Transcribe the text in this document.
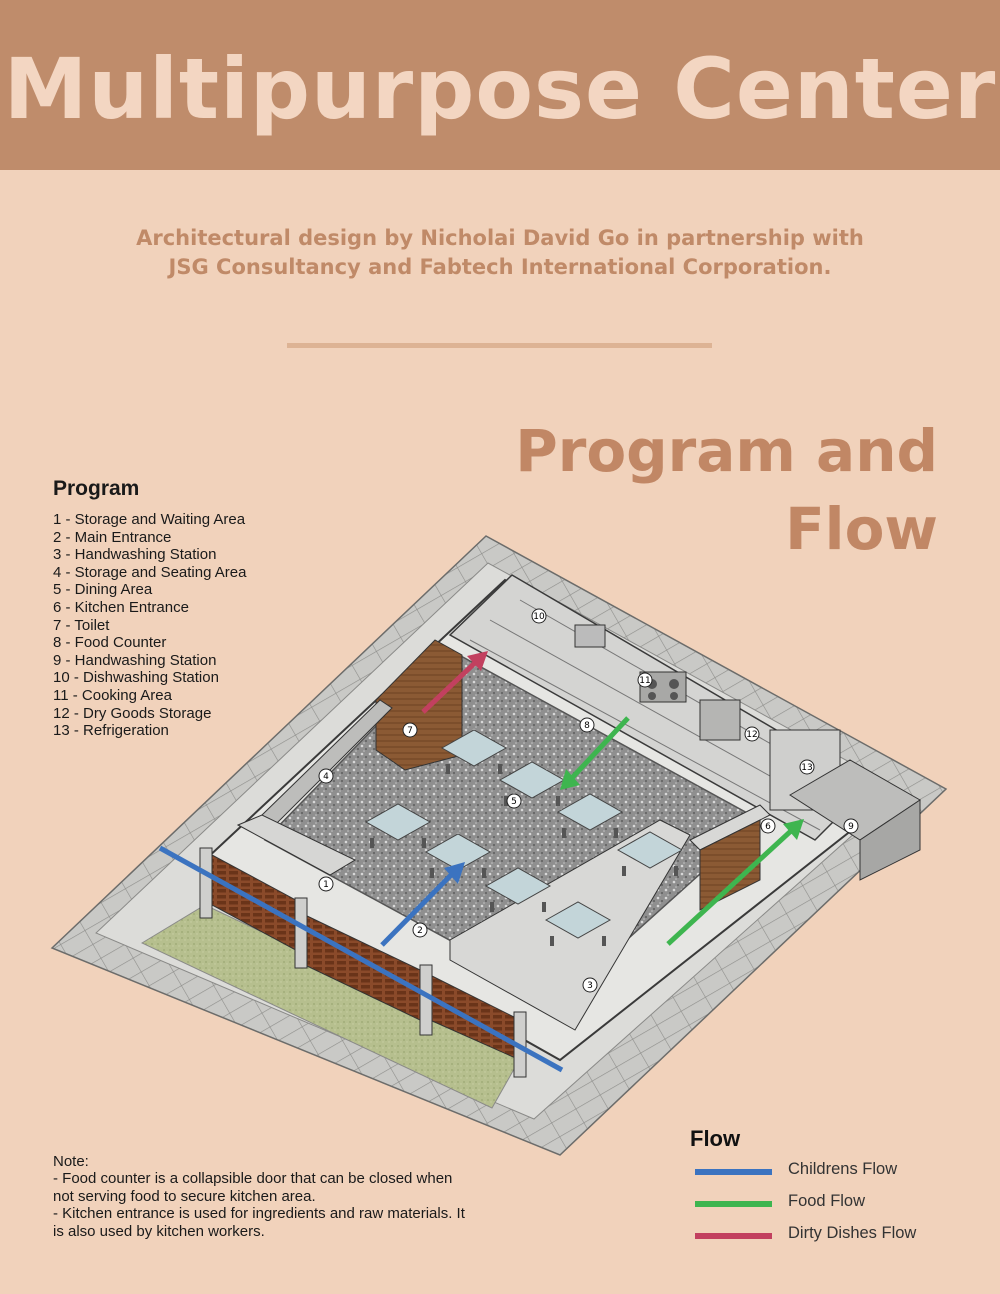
Multipurpose Center
Architectural design by Nicholai David Go in partnership with
JSG Consultancy and Fabtech International Corporation.
Program and
Flow
1
2
3
4
5
6
7	8
9
10
11
12
13
Program
1 - Storage and Waiting Area
2 - Main Entrance
3 - Handwashing Station
4 - Storage and Seating Area
5 - Dining Area
6 - Kitchen Entrance
7 - Toilet
8 - Food Counter
9 - Handwashing Station
10 - Dishwashing Station
11 - Cooking Area
12 - Dry Goods Storage
13 - Refrigeration

Note:

- Food counter is a collapsible door that can be closed when not serving food to secure kitchen area.

- Kitchen entrance is used for ingredients and raw materials. It is also used by kitchen workers.

Flow
Childrens Flow
Food Flow
Dirty Dishes Flow
